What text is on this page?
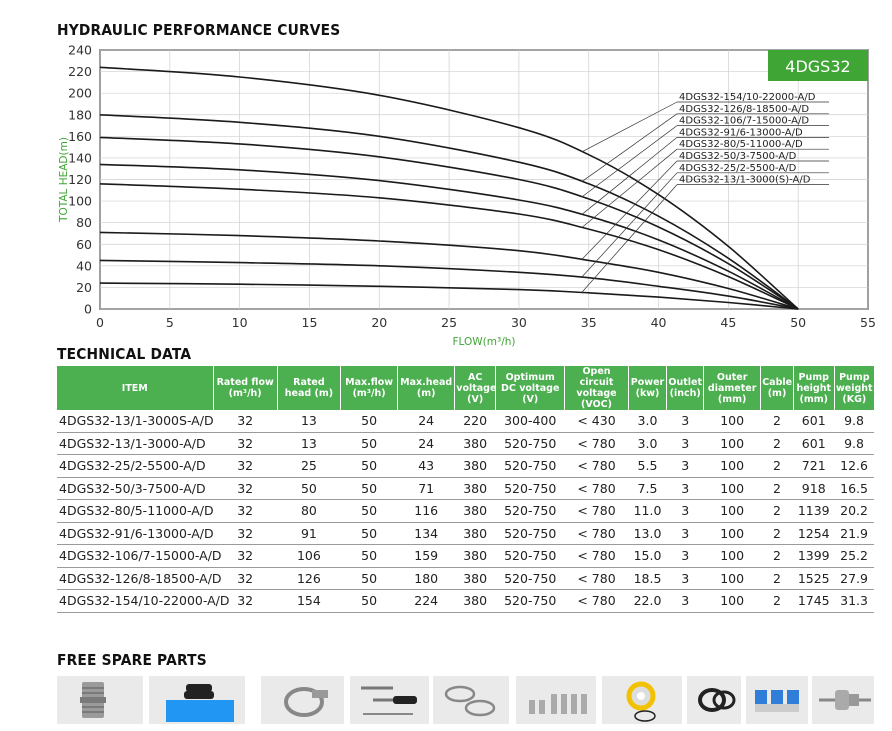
HYDRAULIC PERFORMANCE CURVES
0	5	10	15	20	25	30	35	40	45	50	55
0
20
40
60
80
100
120
140
160
180
200
220
240
4DGS32-154/10-22000-A/D
4DGS32-126/8-18500-A/D
4DGS32-106/7-15000-A/D
4DGS32-91/6-13000-A/D
4DGS32-80/5-11000-A/D
4DGS32-50/3-7500-A/D
4DGS32-25/2-5500-A/D
4DGS32-13/1-3000(S)-A/D
4DGS32
TOTAL HEAD(m)
FLOW(m³/h)
TECHNICAL DATA
ITEM	Rated flow (m³/h)	Rated head (m)	Max.flow (m³/h)	Max.head (m)	AC voltage (V)	Optimum DC voltage (V)	Open circuit voltage (VOC)	Power (kw)	Outlet (inch)	Outer diameter (mm)	Cable (m)	Pump height (mm)	Pump weight (KG)
4DGS32-13/1-3000S-A/D	32	13	50	24	220	300-400	< 430	3.0	3	100	2	601	9.8
4DGS32-13/1-3000-A/D	32	13	50	24	380	520-750	< 780	3.0	3	100	2	601	9.8
4DGS32-25/2-5500-A/D	32	25	50	43	380	520-750	< 780	5.5	3	100	2	721	12.6
4DGS32-50/3-7500-A/D	32	50	50	71	380	520-750	< 780	7.5	3	100	2	918	16.5
4DGS32-80/5-11000-A/D	32	80	50	116	380	520-750	< 780	11.0	3	100	2	1139	20.2
4DGS32-91/6-13000-A/D	32	91	50	134	380	520-750	< 780	13.0	3	100	2	1254	21.9
4DGS32-106/7-15000-A/D	32	106	50	159	380	520-750	< 780	15.0	3	100	2	1399	25.2
4DGS32-126/8-18500-A/D	32	126	50	180	380	520-750	< 780	18.5	3	100	2	1525	27.9
4DGS32-154/10-22000-A/D	32	154	50	224	380	520-750	< 780	22.0	3	100	2	1745	31.3
FREE SPARE PARTS
